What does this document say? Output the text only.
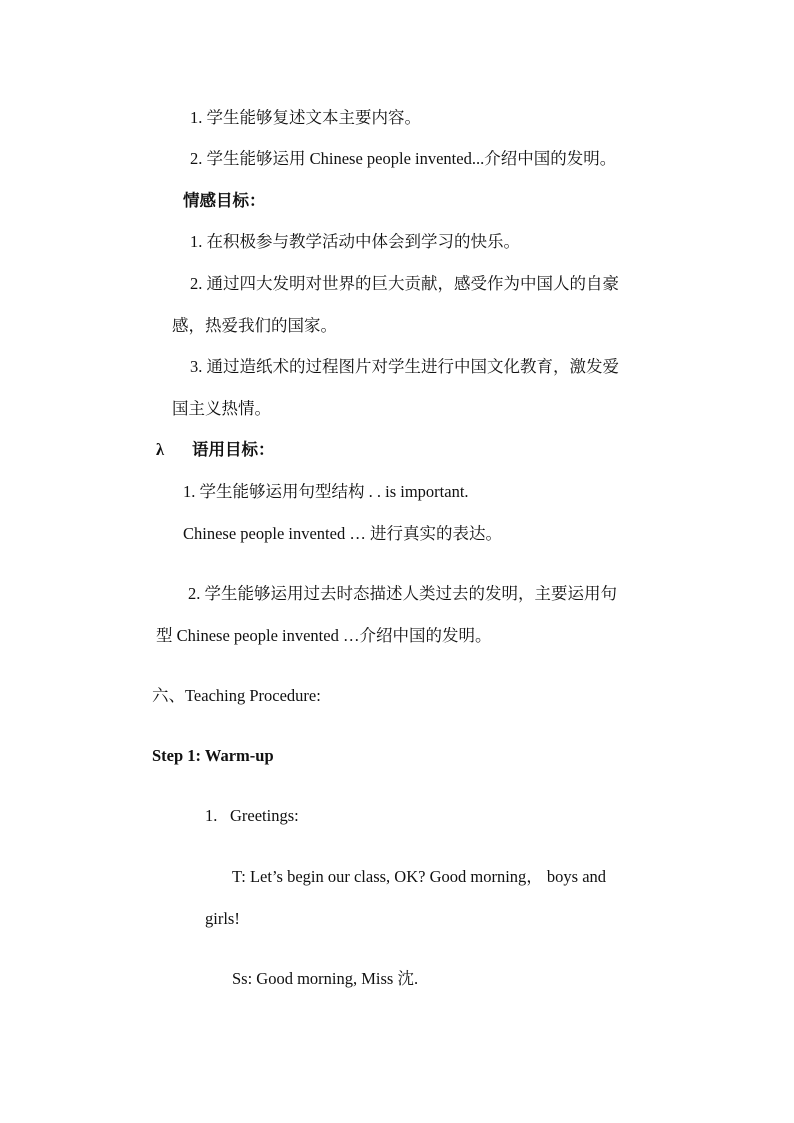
1. 学生能够复述文本主要内容。
2. 学生能够运用 Chinese people invented...介绍中国的发明。
情感目标：
1. 在积极参与教学活动中体会到学习的快乐。
2. 通过四大发明对世界的巨大贡献，感受作为中国人的自豪
感，热爱我们的国家。
3. 通过造纸术的过程图片对学生进行中国文化教育，激发爱
国主义热情。
λ 语用目标：
1. 学生能够运用句型结构 . . is important.
Chinese people invented … 进行真实的表达。
2. 学生能够运用过去时态描述人类过去的发明，主要运用句
型 Chinese people invented …介绍中国的发明。
六、Teaching Procedure:
Step 1: Warm-up
1. Greetings:
T: Let’s begin our class, OK? Good morning， boys and
girls!
Ss: Good morning, Miss 沈.
